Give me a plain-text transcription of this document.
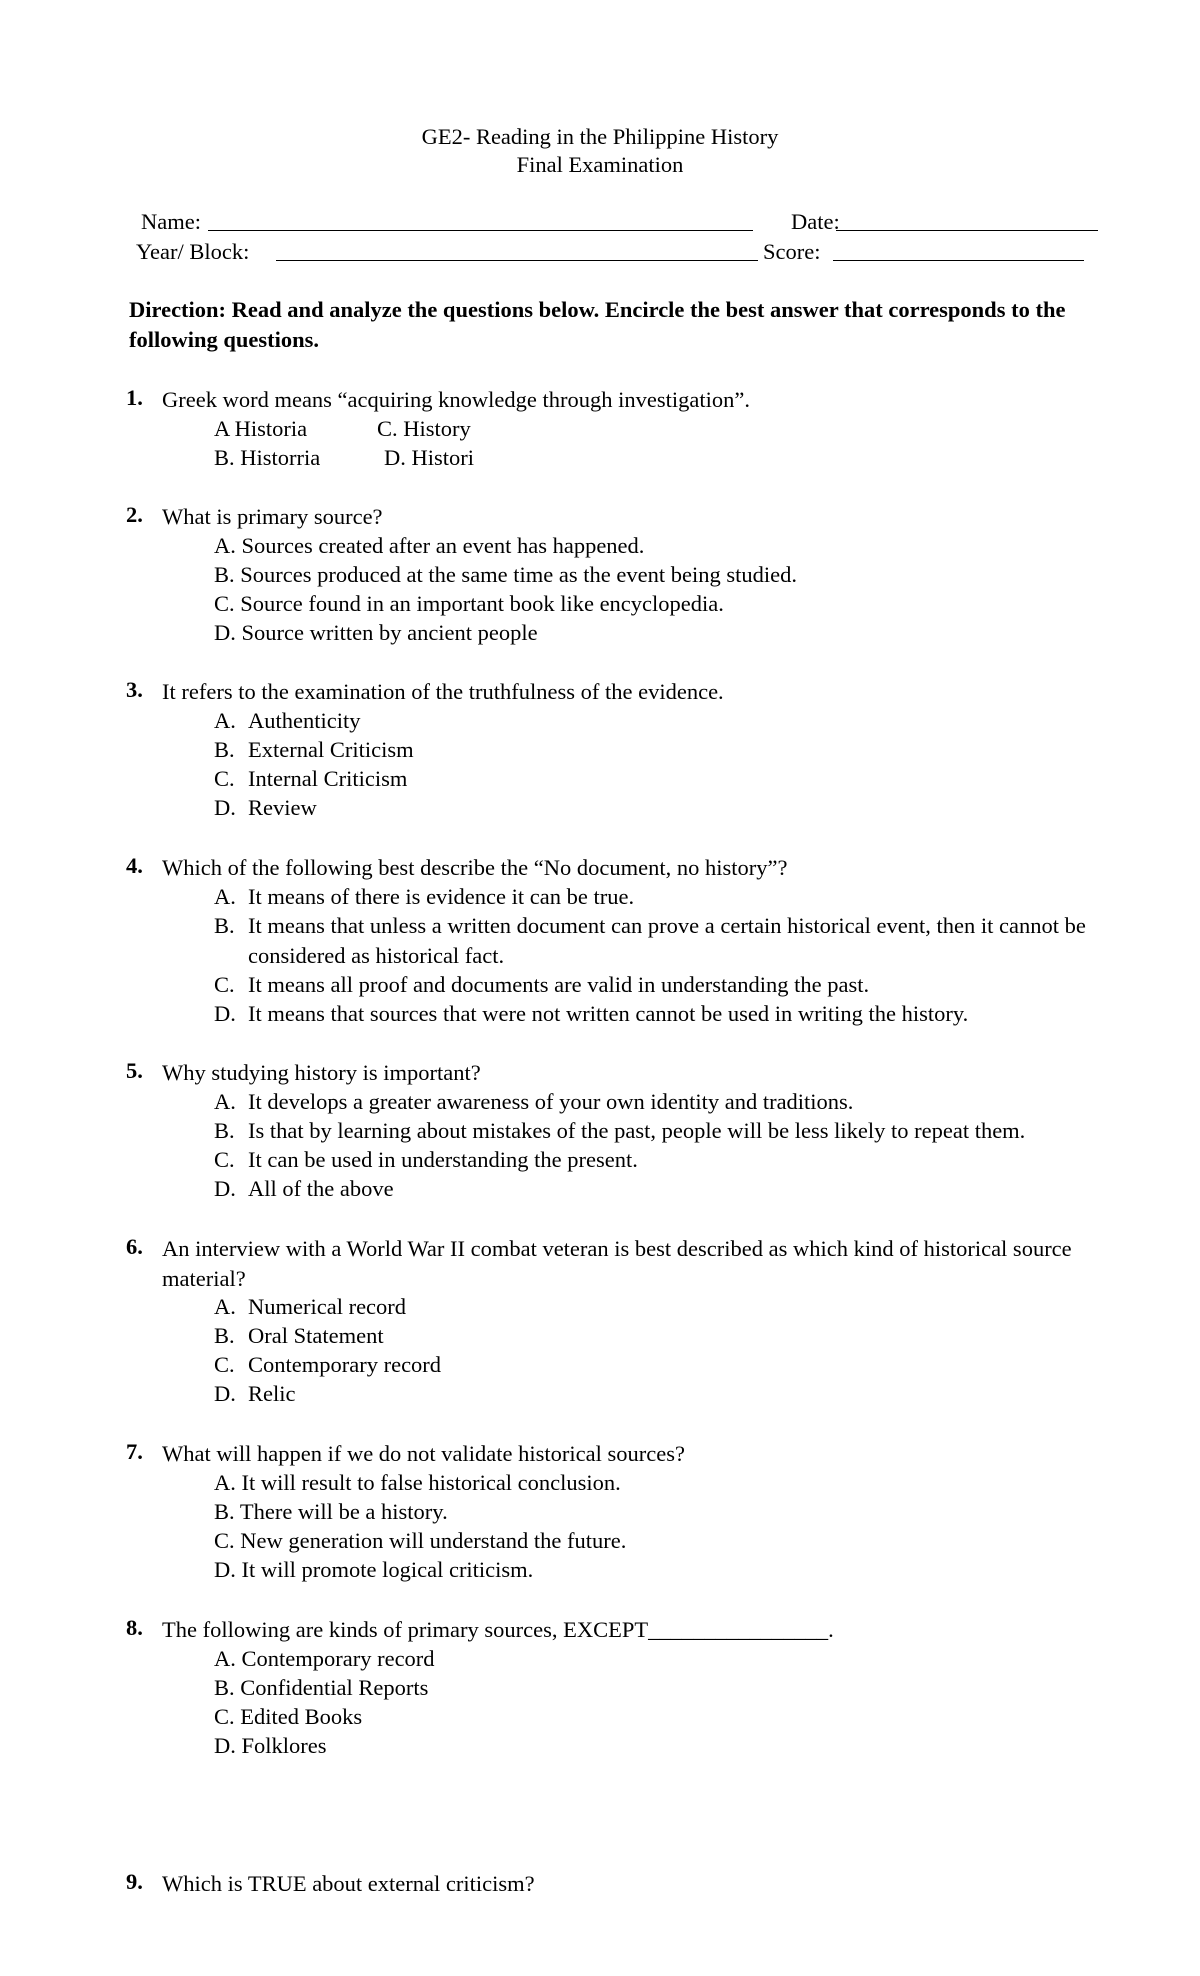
GE2- Reading in the Philippine History
Final Examination
Name:	Date:
Year/ Block:	Score:
Direction: Read and analyze the questions below. Encircle the best answer that corresponds to the following questions.
1. Greek word means “acquiring knowledge through investigation”.
A Historia	C. History
B. Historria	D. Histori
2. What is primary source?
A. Sources created after an event has happened.
B. Sources produced at the same time as the event being studied.
C. Source found in an important book like encyclopedia.
D. Source written by ancient people
3. It refers to the examination of the truthfulness of the evidence.
A. Authenticity
B. External Criticism
C. Internal Criticism
D. Review
4. Which of the following best describe the “No document, no history”?
A. It means of there is evidence it can be true.
B. It means that unless a written document can prove a certain historical event, then it cannot be considered as historical fact.
C. It means all proof and documents are valid in understanding the past.
D. It means that sources that were not written cannot be used in writing the history.
5. Why studying history is important?
A. It develops a greater awareness of your own identity and traditions.
B. Is that by learning about mistakes of the past, people will be less likely to repeat them.
C. It can be used in understanding the present.
D. All of the above
6. An interview with a World War II combat veteran is best described as which kind of historical source material?
A. Numerical record
B. Oral Statement
C. Contemporary record
D. Relic
7. What will happen if we do not validate historical sources?
A. It will result to false historical conclusion.
B. There will be a history.
C. New generation will understand the future.
D. It will promote logical criticism.
8. The following are kinds of primary sources, EXCEPT________________.
A. Contemporary record
B. Confidential Reports
C. Edited Books
D. Folklores
9. Which is TRUE about external criticism?
